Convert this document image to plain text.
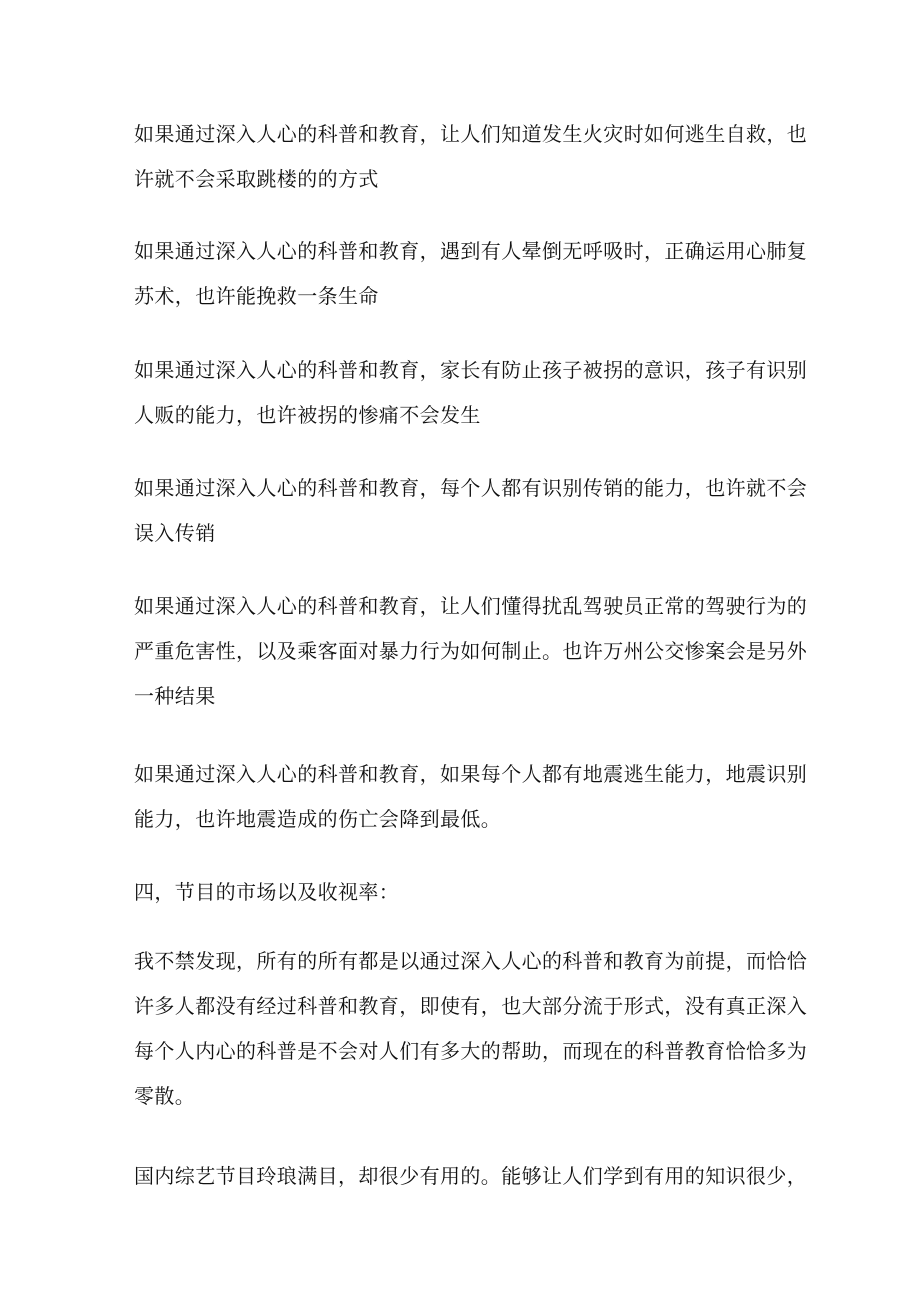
如果通过深入人心的科普和教育，让人们知道发生火灾时如何逃生自救，也
许就不会采取跳楼的的方式

如果通过深入人心的科普和教育，遇到有人晕倒无呼吸时，正确运用心肺复
苏术，也许能挽救一条生命

如果通过深入人心的科普和教育，家长有防止孩子被拐的意识，孩子有识别
人贩的能力，也许被拐的惨痛不会发生

如果通过深入人心的科普和教育，每个人都有识别传销的能力，也许就不会
误入传销

如果通过深入人心的科普和教育，让人们懂得扰乱驾驶员正常的驾驶行为的
严重危害性，以及乘客面对暴力行为如何制止。也许万州公交惨案会是另外
一种结果

如果通过深入人心的科普和教育，如果每个人都有地震逃生能力，地震识别
能力，也许地震造成的伤亡会降到最低。

四，节目的市场以及收视率：

我不禁发现，所有的所有都是以通过深入人心的科普和教育为前提，而恰恰
许多人都没有经过科普和教育，即使有，也大部分流于形式，没有真正深入
每个人内心的科普是不会对人们有多大的帮助，而现在的科普教育恰恰多为
零散。

国内综艺节目玲琅满目，却很少有用的。能够让人们学到有用的知识很少，
